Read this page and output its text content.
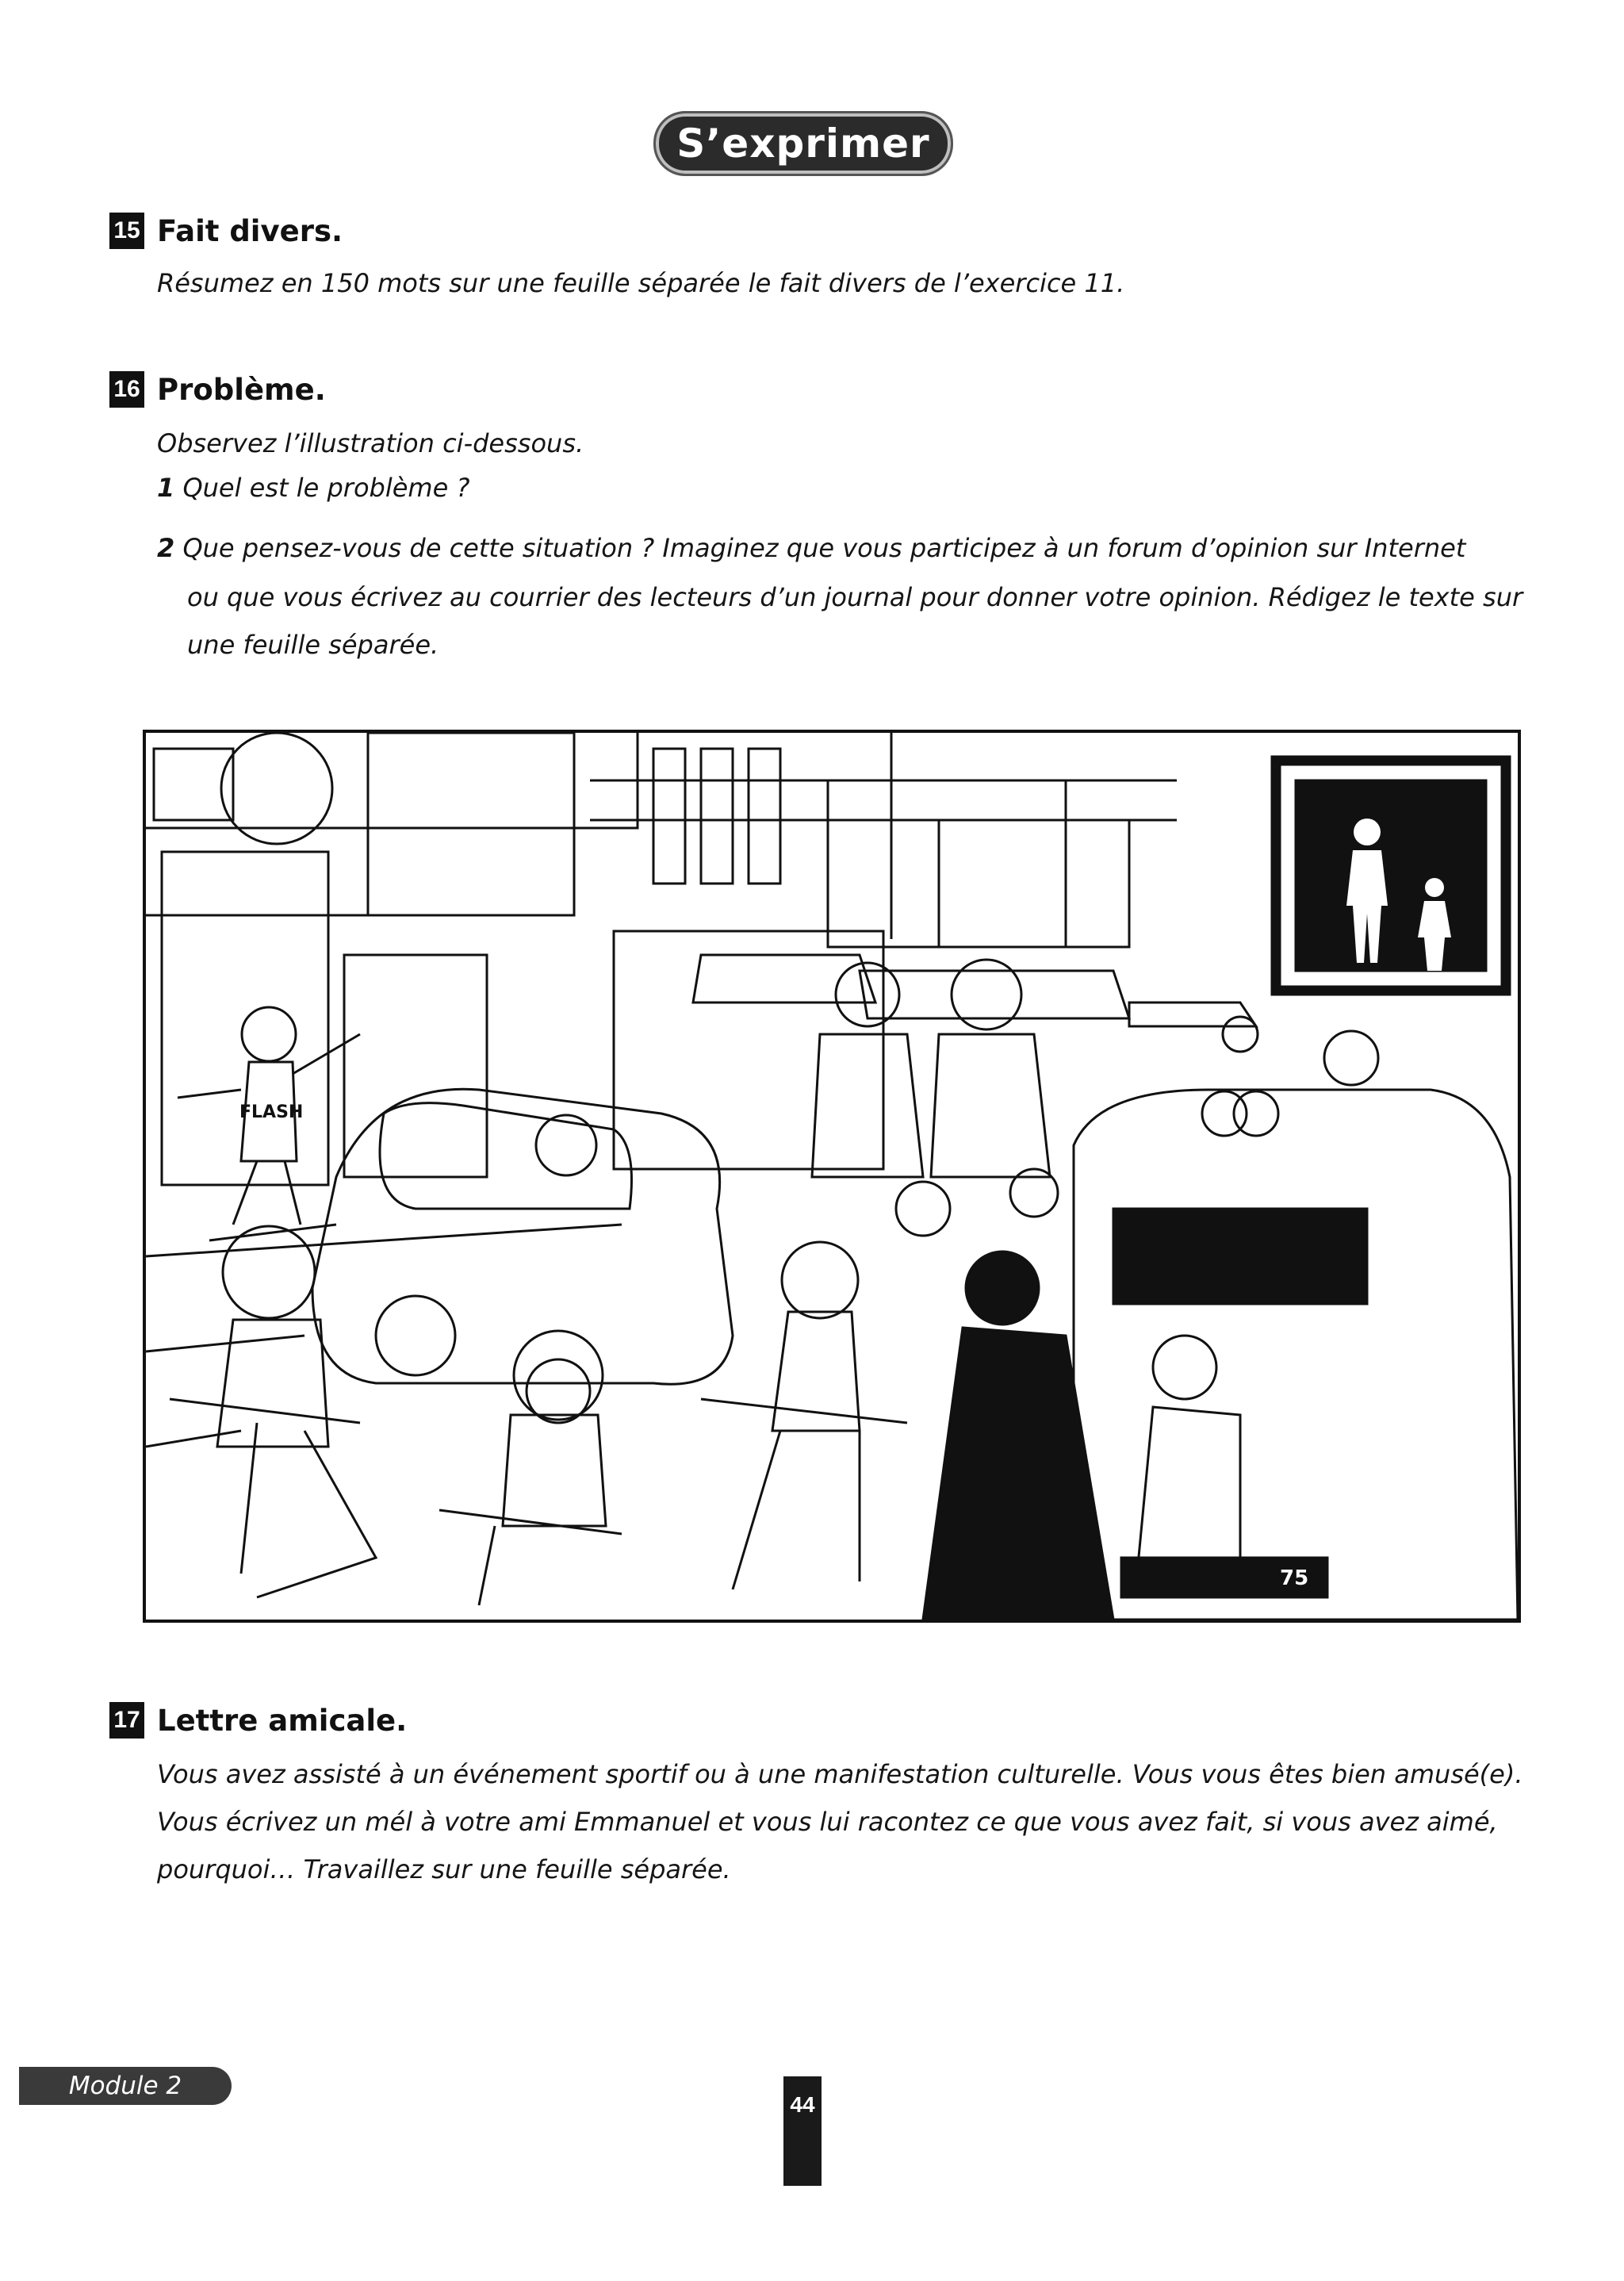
S’exprimer
15 Fait divers.
Résumez en 150 mots sur une feuille séparée le fait divers de l’exercice 11.
16 Problème.
Observez l’illustration ci-dessous.
1 Quel est le problème ?
2 Que pensez-vous de cette situation ? Imaginez que vous participez à un forum d’opinion sur Internet
ou que vous écrivez au courrier des lecteurs d’un journal pour donner votre opinion. Rédigez le texte sur
une feuille séparée.
FLASH
75
17 Lettre amicale.
Vous avez assisté à un événement sportif ou à une manifestation culturelle. Vous vous êtes bien amusé(e).
Vous écrivez un mél à votre ami Emmanuel et vous lui racontez ce que vous avez fait, si vous avez aimé,
pourquoi… Travaillez sur une feuille séparée.
Module 2
44
